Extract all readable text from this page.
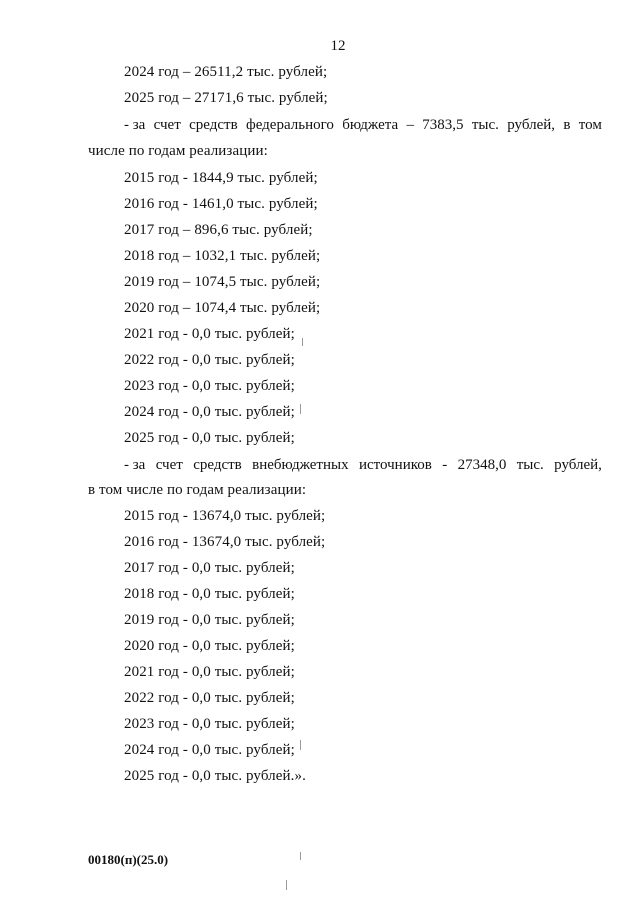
12
2024 год – 26511,2 тыс. рублей;
2025 год – 27171,6 тыс. рублей;
- за счет средств федерального бюджета – 7383,5 тыс. рублей, в том
числе по годам реализации:
2015 год - 1844,9 тыс. рублей;
2016 год - 1461,0 тыс. рублей;
2017 год – 896,6 тыс. рублей;
2018 год – 1032,1 тыс. рублей;
2019 год – 1074,5 тыс. рублей;
2020 год – 1074,4 тыс. рублей;
2021 год - 0,0 тыс. рублей;
2022 год - 0,0 тыс. рублей;
2023 год - 0,0 тыс. рублей;
2024 год - 0,0 тыс. рублей;
2025 год - 0,0 тыс. рублей;
- за счет средств внебюджетных источников - 27348,0 тыс. рублей,
в том числе по годам реализации:
2015 год - 13674,0 тыс. рублей;
2016 год - 13674,0 тыс. рублей;
2017 год - 0,0 тыс. рублей;
2018 год - 0,0 тыс. рублей;
2019 год - 0,0 тыс. рублей;
2020 год - 0,0 тыс. рублей;
2021 год - 0,0 тыс. рублей;
2022 год - 0,0 тыс. рублей;
2023 год - 0,0 тыс. рублей;
2024 год - 0,0 тыс. рублей;
2025 год - 0,0 тыс. рублей.».
00180(п)(25.0)
